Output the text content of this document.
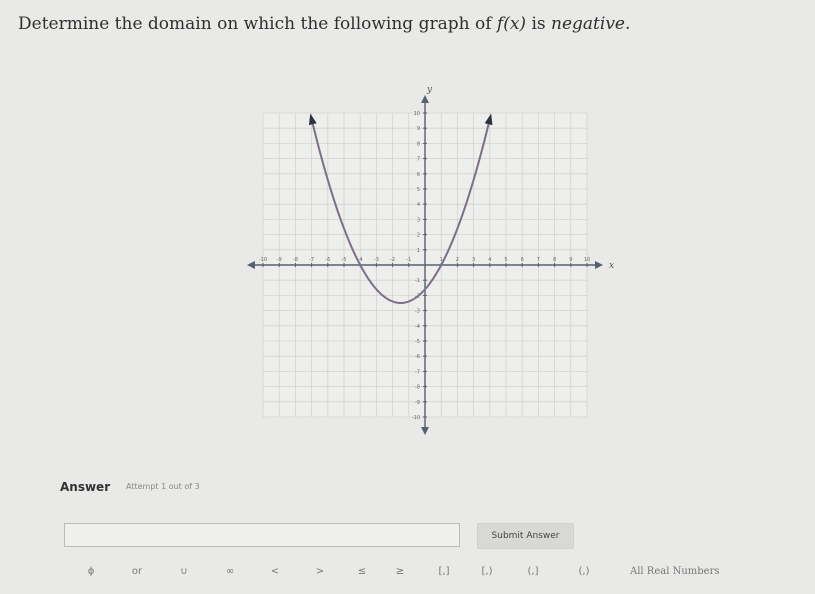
Determine the domain on which the following graph of f(x) is negative.
x
y
-10 -9 -8 -7 -6 -5 -4 -3 -2 -1	1	2	3	4	5	6	7	8	9 10
-10
-9
-8
-7
-6
-5
-4
-3
-2
-1
1
2
3
4
5
6
7
8
9
10
Answer Attempt 1 out of 3
Submit Answer
ϕ	or	∪	∞	<	>	≤	≥	[,]	[,)	(,]	(,)	All Real Numbers
